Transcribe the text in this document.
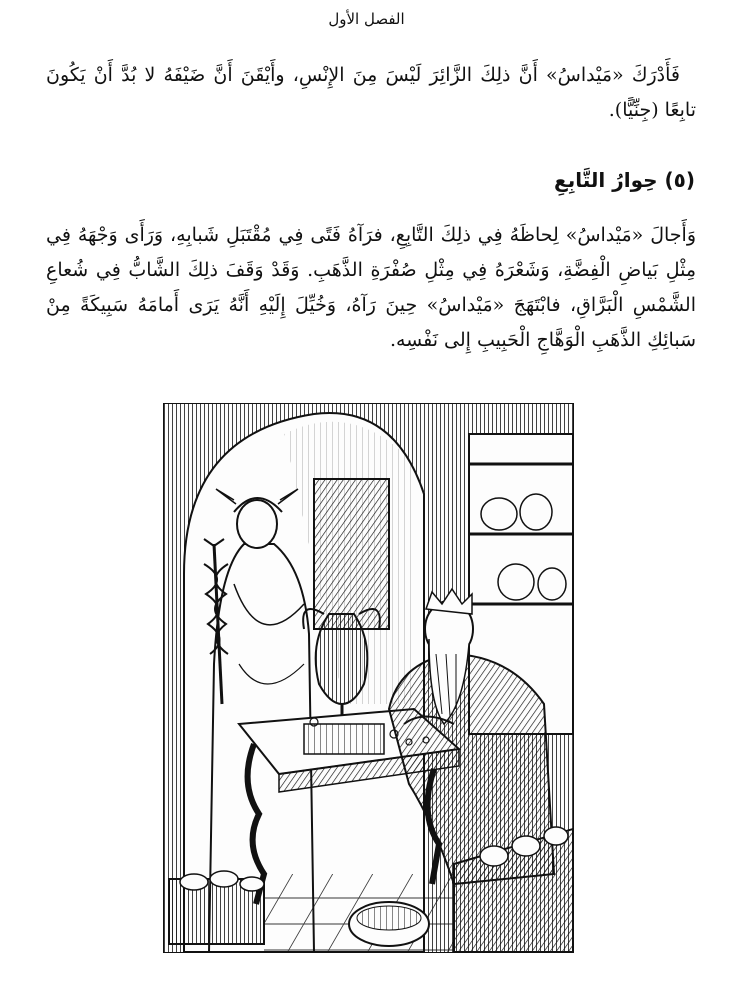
الفصل الأول

فَأَدْرَكَ «مَيْداسُ» أَنَّ ذلِكَ الزَّائِرَ لَيْسَ مِنَ الإِنْسِ، وأَيْقَنَ أَنَّ ضَيْفَهُ لا بُدَّ أَنْ يَكُونَ تابِعًا (جِنِّيًّا).

(٥) حِوارُ التَّابِعِ

وَأَجالَ «مَيْداسُ» لِحاظَهُ فِي ذلِكَ التَّابِعِ، فرَآهُ فَتًى فِي مُقْتَبَلِ شَبابِهِ، وَرَأَى وَجْهَهُ فِي مِثْلِ بَياضِ الْفِضَّةِ، وَشَعْرَهُ فِي مِثْلِ صُفْرَةِ الذَّهَبِ. وَقَدْ وَقَفَ ذلِكَ الشَّابُّ فِي شُعاعِ الشَّمْسِ الْبَرَّاقِ، فابْتَهَجَ «مَيْداسُ» حِينَ رَآهُ، وَخُيِّلَ إِلَيْهِ أَنَّهُ يَرَى أَمامَهُ سَبِيكَةً مِنْ سَبائِكِ الذَّهَبِ الْوَهَّاجِ الْحَبِيبِ إِلى نَفْسِه.
